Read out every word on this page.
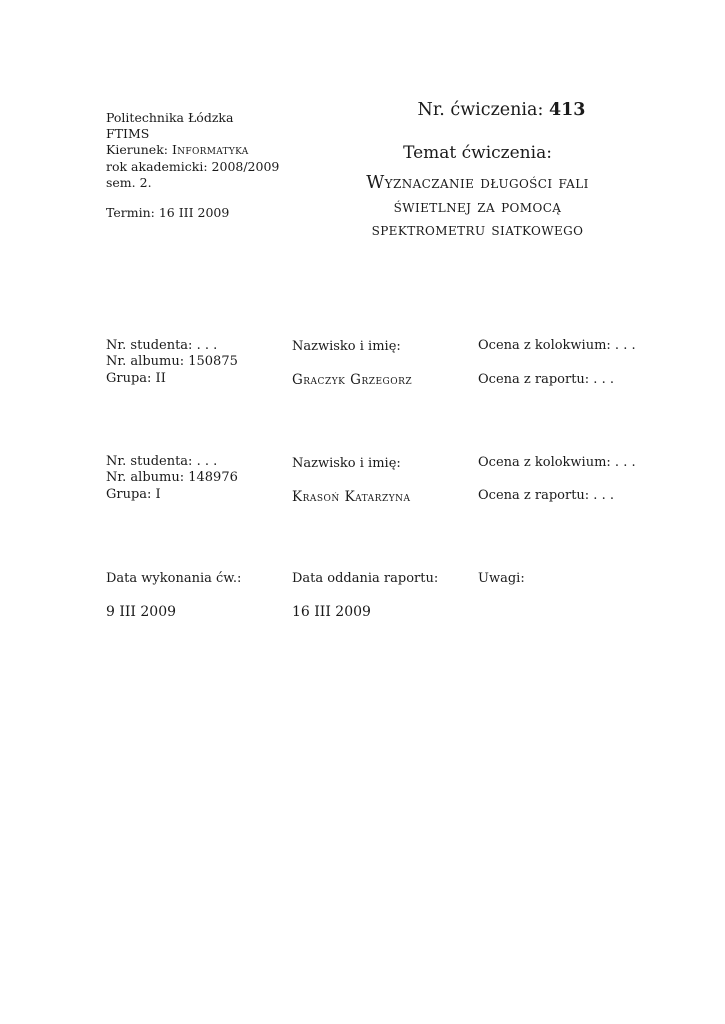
Politechnika Łódzka
FTIMS
Kierunek: Informatyka
rok akademicki: 2008/2009
sem. 2.
Termin: 16 III 2009
Nr. ćwiczenia: 413
Temat ćwiczenia:
Wyznaczanie długości fali
świetlnej za pomocą
spektrometru siatkowego
Nr. studenta: . . .
Nr. albumu: 150875
Grupa: II
Nazwisko i imię:
Graczyk Grzegorz
Ocena z kolokwium: . . .
Ocena z raportu: . . .
Nr. studenta: . . .
Nr. albumu: 148976
Grupa: I
Nazwisko i imię:
Krasoń Katarzyna
Ocena z kolokwium: . . .
Ocena z raportu: . . .
Data wykonania ćw.:
9 III 2009
Data oddania raportu:
16 III 2009
Uwagi:
